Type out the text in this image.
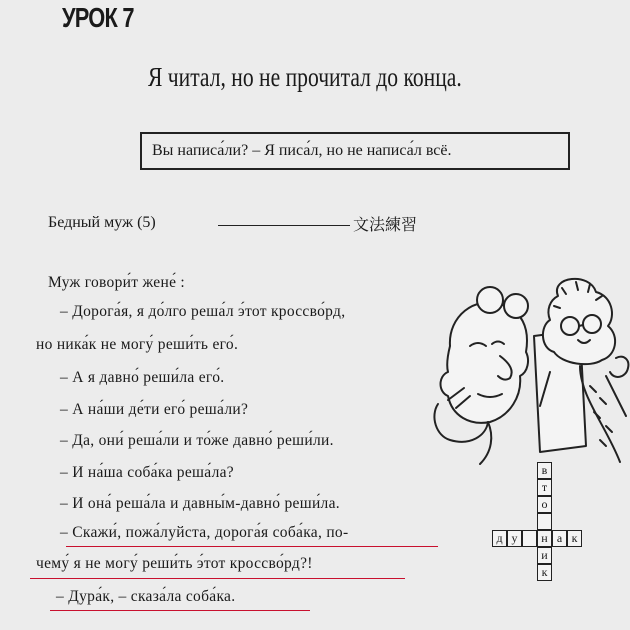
УРОК 7
Я читал, но не прочитал до конца.
Вы написа́ли? – Я писа́л, но не написа́л всё.
Бедный муж (5)	文法練習
Муж говори́т жене́ :
– Дорога́я, я до́лго реша́л э́тот кроссво́рд,
но ника́к не могу́ реши́ть его́.
– А я давно́ реши́ла его́.
– А на́ши де́ти его́ реша́ли?
– Да, они́ реша́ли и то́же давно́ реши́ли.
– И на́ша соба́ка реша́ла?
– И она́ реша́ла и давны́м-давно́ реши́ла.
– Скажи́, пожа́луйста, дорога́я соба́ка, по-
чему́ я не могу́ реши́ть э́тот кроссво́рд?!
– Дура́к, – сказа́ла соба́ка.
в
т
о
н
и
к
д у	а к
